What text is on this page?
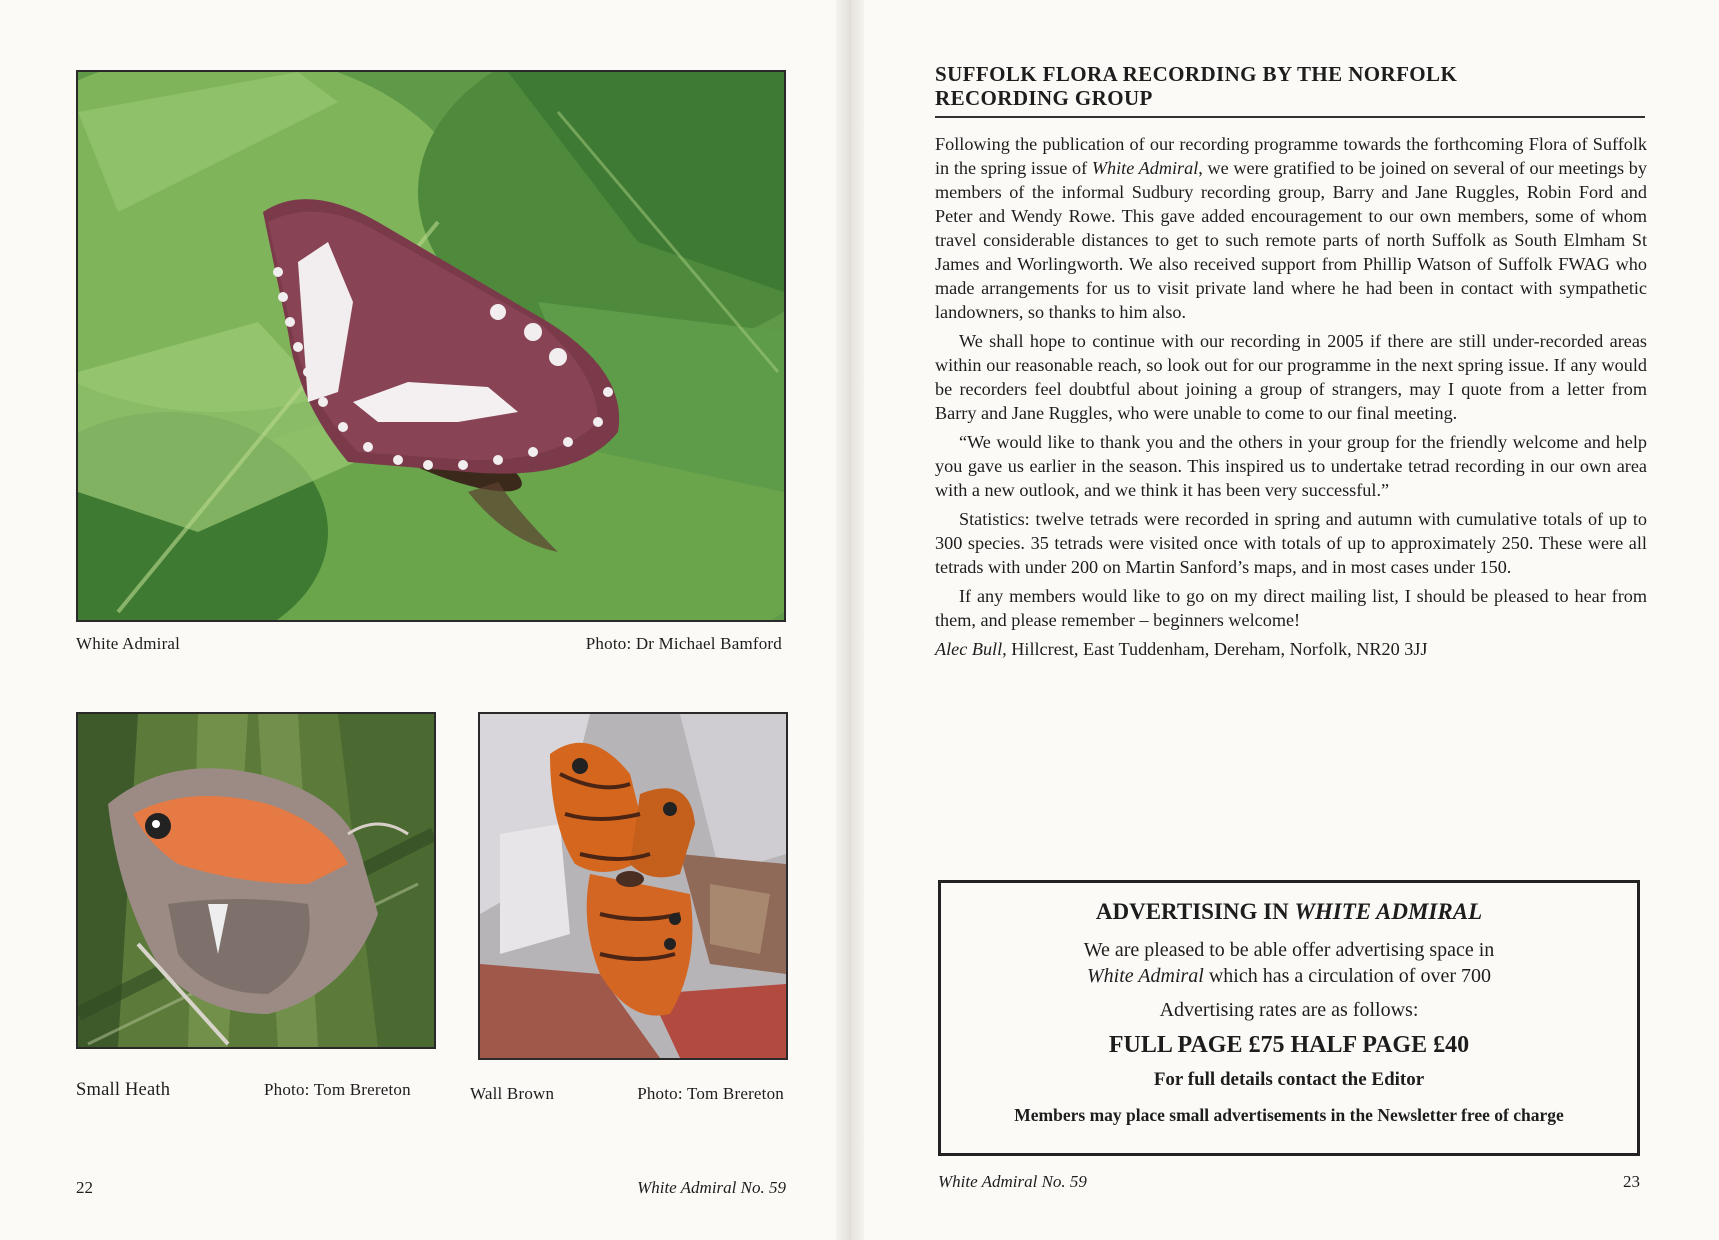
White Admiral	Photo: Dr Michael Bamford
Small Heath	Photo: Tom Brereton	Wall Brown	Photo: Tom Brereton
22	White Admiral No. 59
SUFFOLK FLORA RECORDING BY THE NORFOLK
RECORDING GROUP

Following the publication of our recording programme towards the forthcoming Flora of Suffolk in the spring issue of White Admiral, we were gratified to be joined on several of our meetings by members of the informal Sudbury recording group, Barry and Jane Ruggles, Robin Ford and Peter and Wendy Rowe. This gave added encouragement to our own members, some of whom travel considerable distances to get to such remote parts of north Suffolk as South Elmham St James and Worlingworth. We also received support from Phillip Watson of Suffolk FWAG who made arrangements for us to visit private land where he had been in contact with sympathetic landowners, so thanks to him also.

We shall hope to continue with our recording in 2005 if there are still under-recorded areas within our reasonable reach, so look out for our programme in the next spring issue. If any would be recorders feel doubtful about joining a group of strangers, may I quote from a letter from Barry and Jane Ruggles, who were unable to come to our final meeting.

“We would like to thank you and the others in your group for the friendly welcome and help you gave us earlier in the season. This inspired us to undertake tetrad recording in our own area with a new outlook, and we think it has been very successful.”

Statistics: twelve tetrads were recorded in spring and autumn with cumulative totals of up to 300 species. 35 tetrads were visited once with totals of up to approximately 250. These were all tetrads with under 200 on Martin Sanford’s maps, and in most cases under 150.

If any members would like to go on my direct mailing list, I should be pleased to hear from them, and please remember – beginners welcome!

Alec Bull, Hillcrest, East Tuddenham, Dereham, Norfolk, NR20 3JJ

ADVERTISING IN WHITE ADMIRAL
We are pleased to be able offer advertising space in
White Admiral which has a circulation of over 700
Advertising rates are as follows:
FULL PAGE £75 HALF PAGE £40
For full details contact the Editor
Members may place small advertisements in the Newsletter free of charge
White Admiral No. 59	23
